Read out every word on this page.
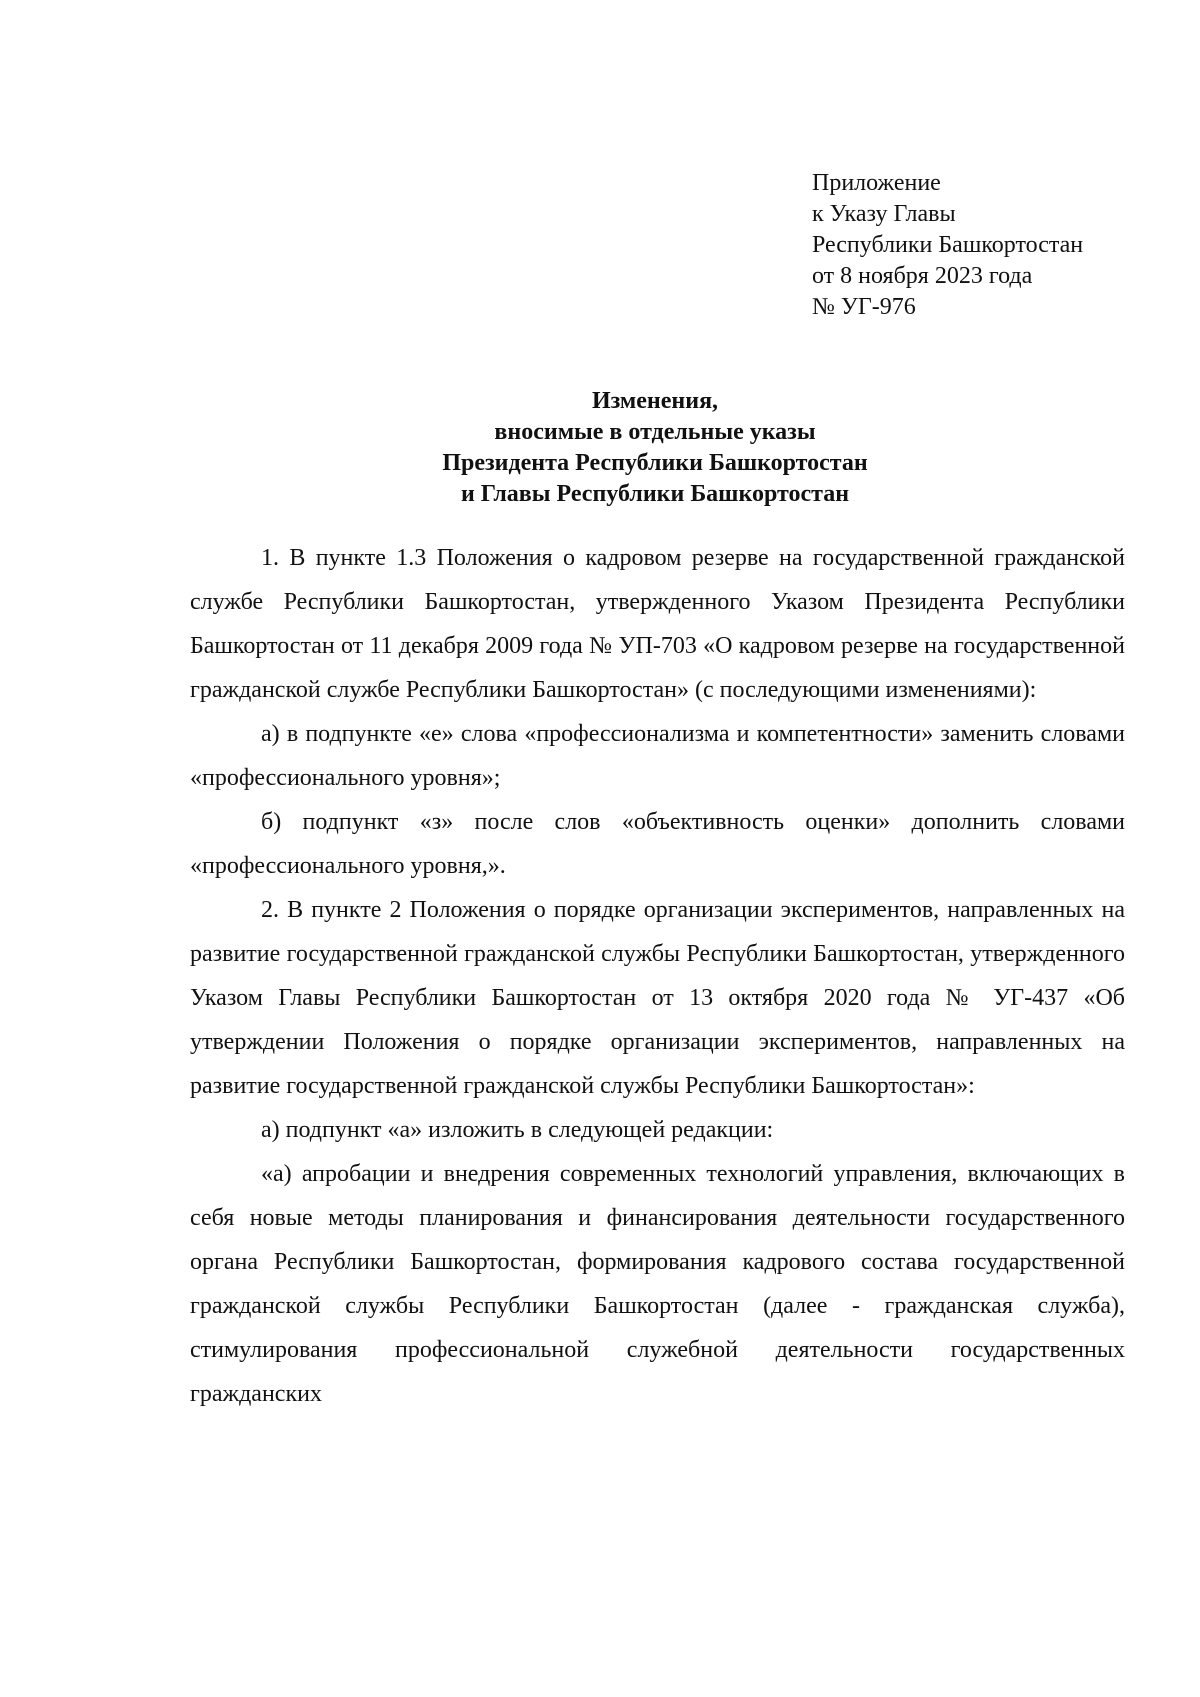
Приложение
к Указу Главы
Республики Башкортостан
от 8 ноября 2023 года
№ УГ-976
Изменения,
вносимые в отдельные указы
Президента Республики Башкортостан
и Главы Республики Башкортостан

1. В пункте 1.3 Положения о кадровом резерве на государственной гражданской службе Республики Башкортостан, утвержденного Указом Президента Республики Башкортостан от 11 декабря 2009 года № УП-703 «О кадровом резерве на государственной гражданской службе Республики Башкортостан» (с последующими изменениями):

а) в подпункте «е» слова «профессионализма и компетентности» заменить словами «профессионального уровня»;

б) подпункт «з» после слов «объективность оценки» дополнить словами «профессионального уровня,».

2. В пункте 2 Положения о порядке организации экспериментов, направленных на развитие государственной гражданской службы Республики Башкортостан, утвержденного Указом Главы Республики Башкортостан от 13 октября 2020 года № УГ-437 «Об утверждении Положения о порядке организации экспериментов, направленных на развитие государственной гражданской службы Республики Башкортостан»:

а) подпункт «а» изложить в следующей редакции:

«а) апробации и внедрения современных технологий управления, включающих в себя новые методы планирования и финансирования деятельности государственного органа Республики Башкортостан, формирования кадрового состава государственной гражданской службы Республики Башкортостан (далее - гражданская служба), стимулирования профессиональной служебной деятельности государственных гражданских
